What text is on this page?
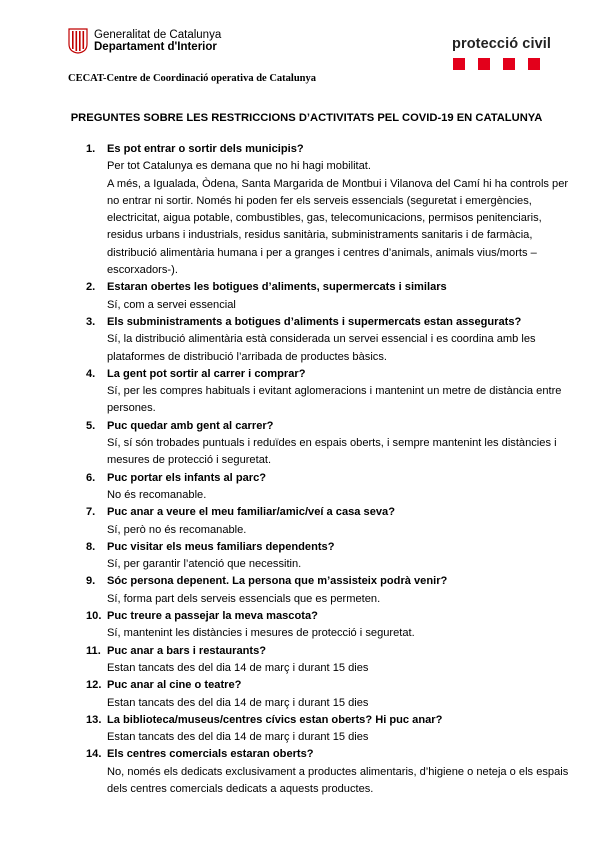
Generalitat de Catalunya
Departament d'Interior	protecció civil
CECAT-Centre de Coordinació operativa de Catalunya
PREGUNTES SOBRE LES RESTRICCIONS D’ACTIVITATS PEL COVID-19 EN CATALUNYA
1. Es pot entrar o sortir dels municipis?
Per tot Catalunya es demana que no hi hagi mobilitat.
A més, a Igualada, Òdena, Santa Margarida de Montbui i Vilanova del Camí hi ha controls per
no entrar ni sortir. Només hi poden fer els serveis essencials (seguretat i emergències,
electricitat, aigua potable, combustibles, gas, telecomunicacions, permisos penitenciaris,
residus urbans i industrials, residus sanitària, subministraments sanitaris i de farmàcia,
distribució alimentària humana i per a granges i centres d’animals, animals vius/morts –
escorxadors-).
2. Estaran obertes les botigues d’aliments, supermercats i similars
Sí, com a servei essencial
3. Els subministraments a botigues d’aliments i supermercats estan assegurats?
Sí, la distribució alimentària està considerada un servei essencial i es coordina amb les
plataformes de distribució l’arribada de productes bàsics.
4. La gent pot sortir al carrer i comprar?
Sí, per les compres habituals i evitant aglomeracions i mantenint un metre de distància entre
persones.
5. Puc quedar amb gent al carrer?
Sí, sí són trobades puntuals i reduïdes en espais oberts, i sempre mantenint les distàncies i
mesures de protecció i seguretat.
6. Puc portar els infants al parc?
No és recomanable.
7. Puc anar a veure el meu familiar/amic/veí a casa seva?
Sí, però no és recomanable.
8. Puc visitar els meus familiars dependents?
Sí, per garantir l’atenció que necessitin.
9. Sóc persona depenent. La persona que m’assisteix podrà venir?
Sí, forma part dels serveis essencials que es permeten.
10. Puc treure a passejar la meva mascota?
Sí, mantenint les distàncies i mesures de protecció i seguretat.
11. Puc anar a bars i restaurants?
Estan tancats des del dia 14 de març i durant 15 dies
12. Puc anar al cine o teatre?
Estan tancats des del dia 14 de març i durant 15 dies
13. La biblioteca/museus/centres cívics estan oberts? Hi puc anar?
Estan tancats des del dia 14 de març i durant 15 dies
14. Els centres comercials estaran oberts?
No, només els dedicats exclusivament a productes alimentaris, d’higiene o neteja o els espais
dels centres comercials dedicats a aquests productes.
